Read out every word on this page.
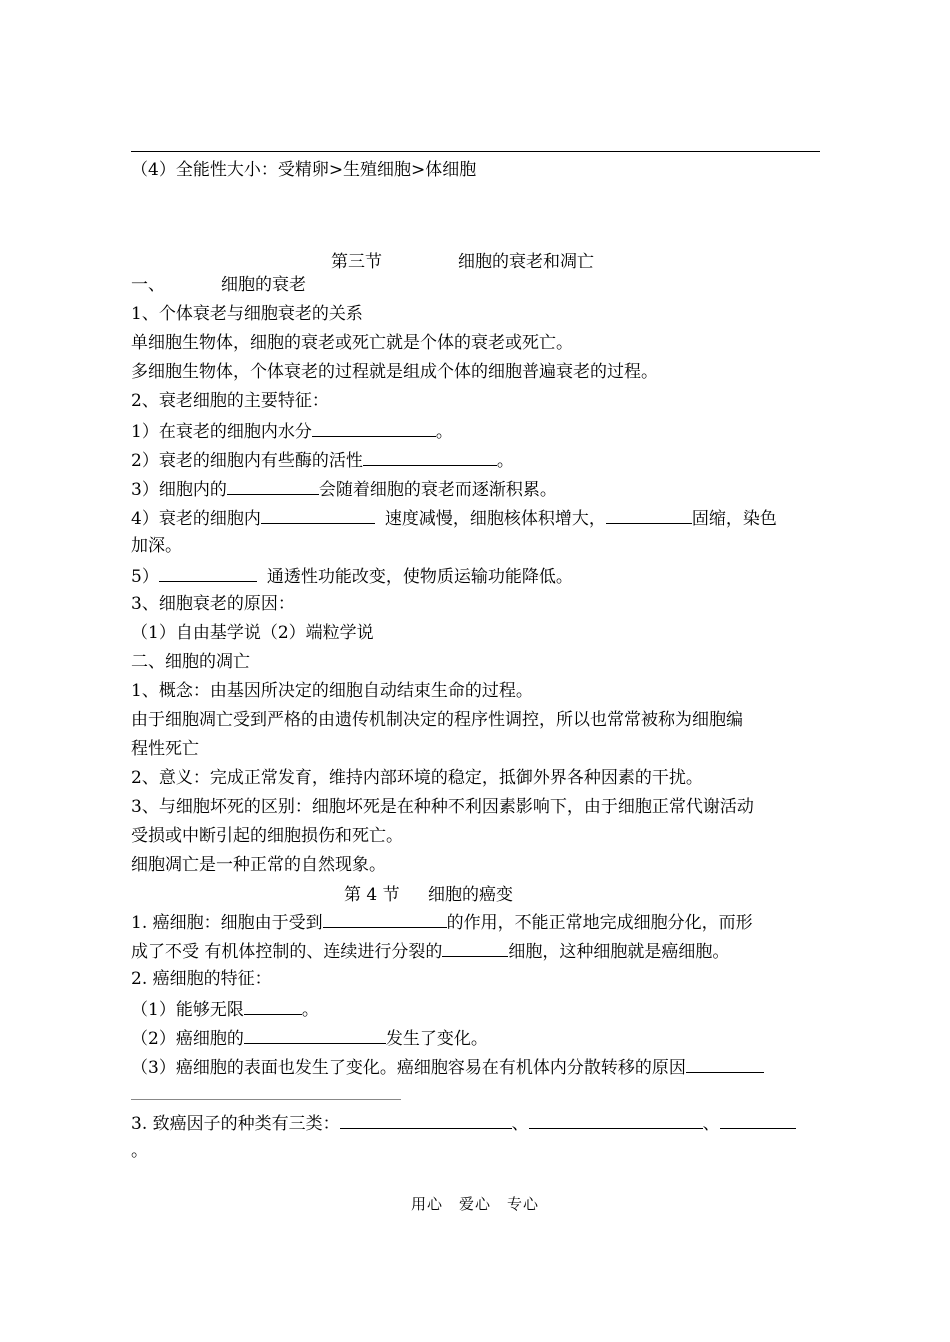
（4）全能性大小：受精卵>生殖细胞>体细胞
第三节	细胞的衰老和凋亡
一、	细胞的衰老
1、个体衰老与细胞衰老的关系
单细胞生物体，细胞的衰老或死亡就是个体的衰老或死亡。
多细胞生物体，个体衰老的过程就是组成个体的细胞普遍衰老的过程。
2、衰老细胞的主要特征：
1）在衰老的细胞内水分	。
2）衰老的细胞内有些酶的活性	。
3）细胞内的	会随着细胞的衰老而逐渐积累。
4）衰老的细胞内	速度减慢，细胞核体积增大，	固缩，染色
加深。
5）	通透性功能改变，使物质运输功能降低。
3、细胞衰老的原因：
（1）自由基学说（2）端粒学说
二、细胞的凋亡
1、概念：由基因所决定的细胞自动结束生命的过程。
由于细胞凋亡受到严格的由遗传机制决定的程序性调控，所以也常常被称为细胞编
程性死亡
2、意义：完成正常发育，维持内部环境的稳定，抵御外界各种因素的干扰。
3、与细胞坏死的区别：细胞坏死是在种种不利因素影响下，由于细胞正常代谢活动
受损或中断引起的细胞损伤和死亡。
细胞凋亡是一种正常的自然现象。
第 4 节 细胞的癌变
1. 癌细胞：细胞由于受到	的作用，不能正常地完成细胞分化，而形
成了不受 有机体控制的、连续进行分裂的	细胞，这种细胞就是癌细胞。
2. 癌细胞的特征：
（1）能够无限	。
（2）癌细胞的	发生了变化。
（3）癌细胞的表面也发生了变化。癌细胞容易在有机体内分散转移的原因
3. 致癌因子的种类有三类：	、	、
。
用心 爱心 专心
